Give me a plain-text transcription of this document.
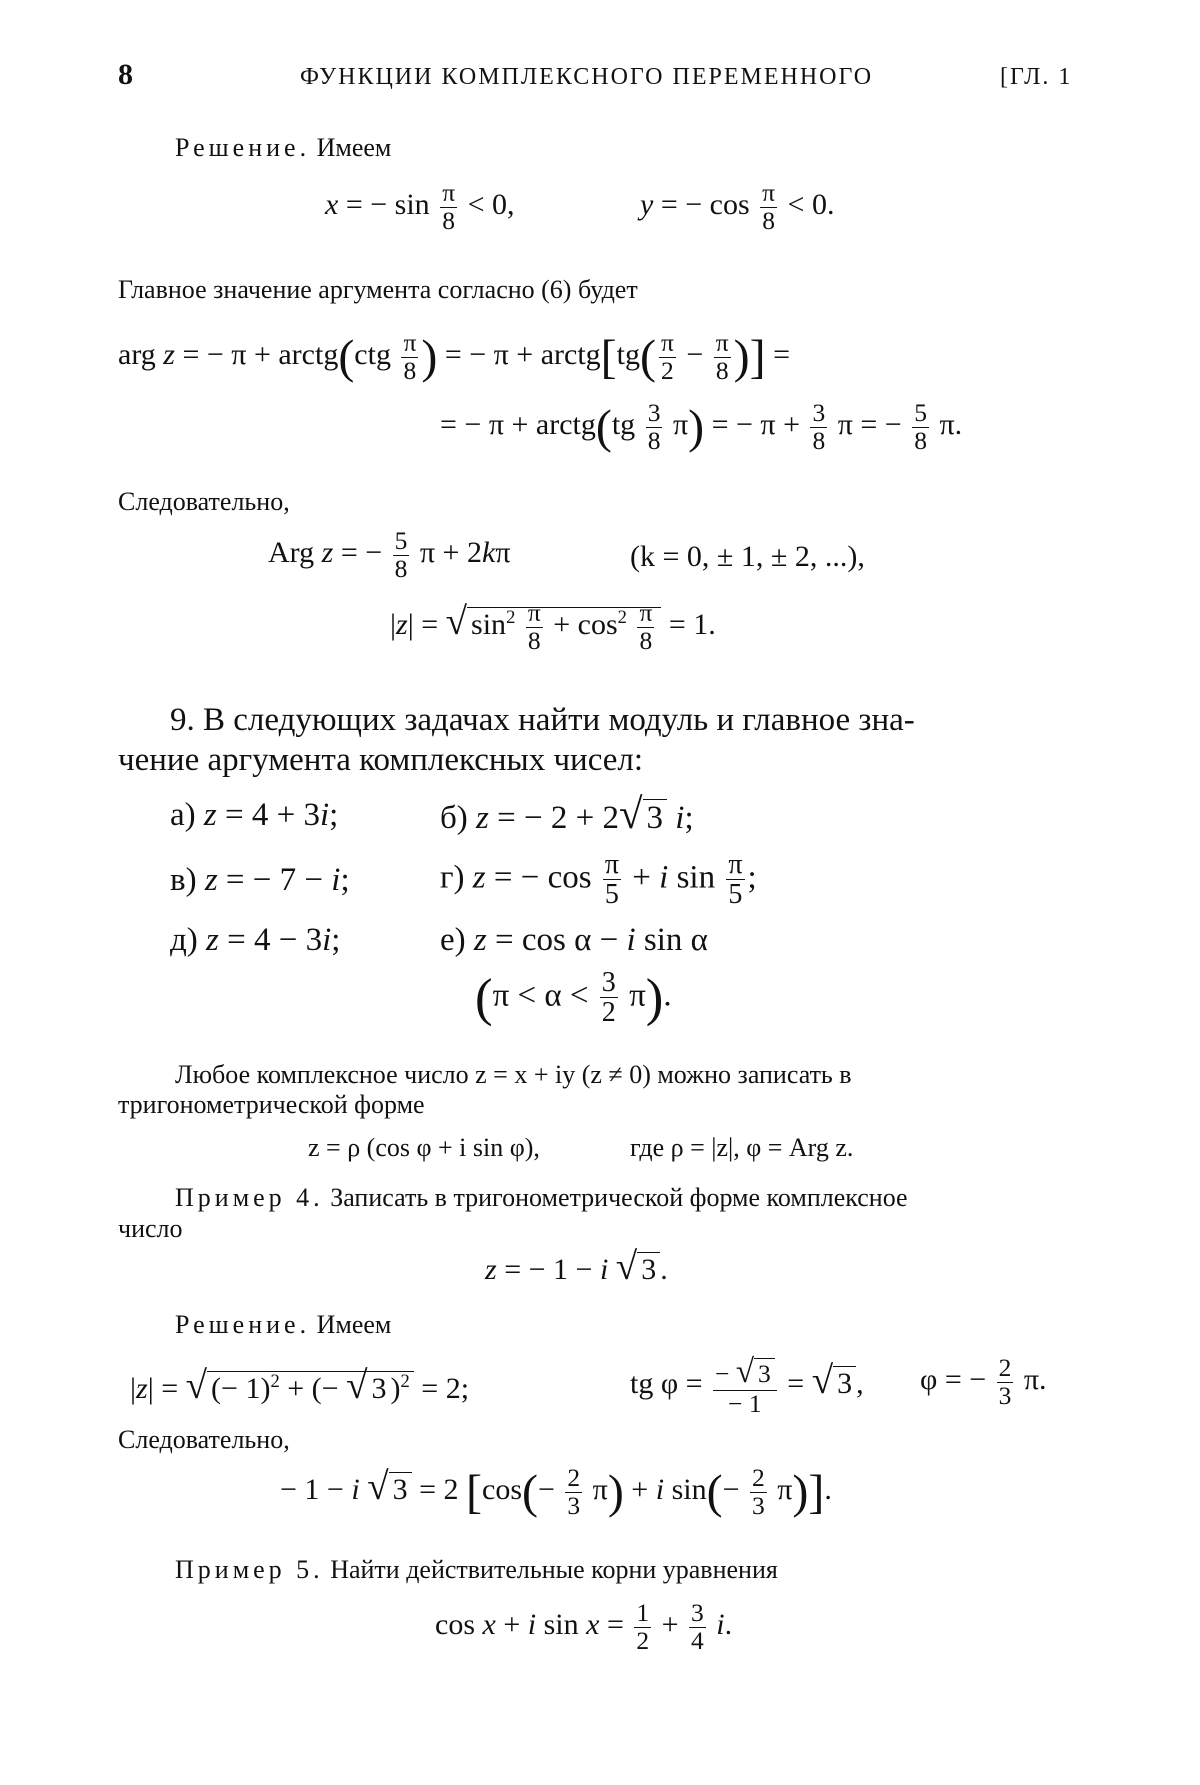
8	ФУНКЦИИ КОМПЛЕКСНОГО ПЕРЕМЕННОГО	[ГЛ. 1
Решение. Имеем
x = − $\sin \frac{\pi}{8} < 0$,	y = − $\cos \frac{\pi}{8} < 0$.
Главное значение аргумента согласно (6) будет
arg z = − π + arctg(ctg $\frac{\pi}{8}$ ) = − π + arctg[tg( $\frac{\pi}{2} - \frac{\pi}{8}$ )] =
= − π + arctg(tg $\frac{3}{8} \pi$) = − $\pi + \frac{3}{8}$ π = − $\frac{5}{8} \pi$.
Следовательно,
Arg z = − $\frac{5}{8}$ π + 2kπ	(k = 0, ± 1, ± 2, ...),
|z| = √ $\sin^2 \frac{\pi}{8} + \cos^2 \frac{\pi}{8} = 1$.
9. В следующих задачах найти модуль и главное зна-
чение аргумента комплексных чисел:
а) z = 4 + 3i;	б) z = − 2 + 2√ 3 i;
в) z = − 7 − i;	г) z = − $\cos \frac{\pi}{5} + i$ $\sin \frac{\pi}{5}$ ;
д) z = 4 − 3i;	е) z = cos α − i sin α
$(\pi < \alpha < \frac{3}{2} \pi)$.
Любое комплексное число z = x + iy (z ≠ 0) можно записать в
тригонометрической форме
z = ρ (cos φ + i sin φ),	где ρ = |z|, φ = Arg z.
Пример 4. Записать в тригонометрической форме комплексное
число
z = − 1 − i √ 3 .
Решение. Имеем
|z| = √ (− 1)$^2$ + (− √ 3 )$^2$ = 2;	tg $\varphi = \frac{- √ 3}{- 1}$ = √ 3 , φ = − $\frac{2}{3} \pi$.
Следовательно,
− 1 − i √ 3 = 2 [$\cos(- \frac{2}{3} \pi) + i$ $\sin(- \frac{2}{3} \pi)$].
Пример 5. Найти действительные корни уравнения
cos x + i $\sin x = \frac{1}{2} + \frac{3}{4} i$.
